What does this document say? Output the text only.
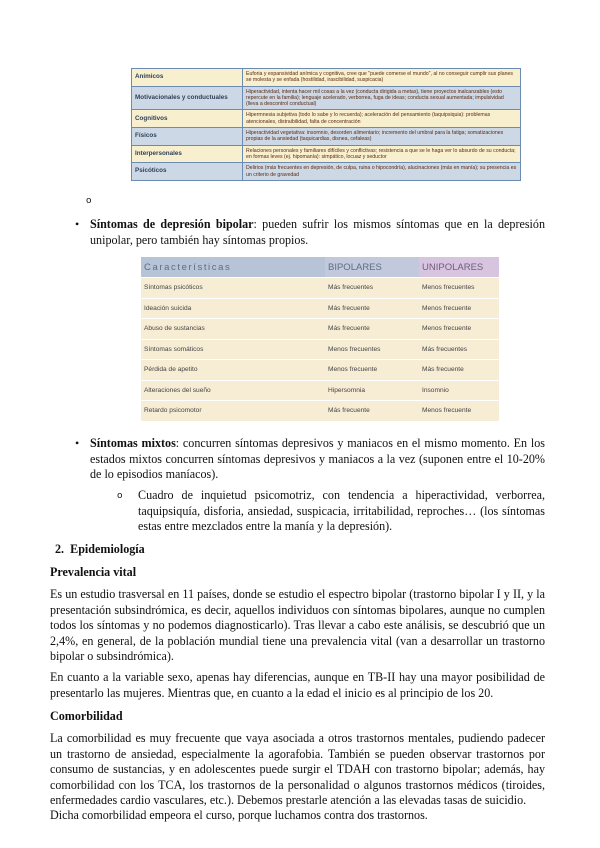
Anímicos	Euforia y expansividad anímica y cognitiva, cree que "puede comerse el mundo", al no conseguir cumplir sus planes se molesta y se enfada (hostilidad, irascibilidad, suspicacia)
Motivacionales y conductuales	Hiperactividad, intenta hacer mil cosas a la vez (conducta dirigida a metas), tiene proyectos inalcanzables (esto repercute en la familia); lenguaje acelerado, verborrea, fuga de ideas; conducta sexual aumentada; impulsividad (lleva a descontrol conductual)
Cognitivos	Hipermnesia subjetiva (todo lo sabe y lo recuerda); aceleración del pensamiento (taquipsiquia): problemas atencionales, distraibilidad, falta de concentración
Físicos	Hiperactividad vegetativa: insomnio, desorden alimentario; incremento del umbral para la fatiga; somatizaciones propias de la ansiedad (taquicardias, disnea, cefaleas)
Interpersonales	Relaciones personales y familiares difíciles y conflictivas; resistencia a que se le haga ver lo absurdo de su conducta; en formas leves (ej. hipomanía): simpático, locuaz y seductor
Psicóticos	Delirios (más frecuentes en depresión, de culpa, ruina o hipocondría), alucinaciones (más en manía); su presencia es un criterio de gravedad
o
• Síntomas de depresión bipolar: pueden sufrir los mismos síntomas que en la depresión unipolar, pero también hay síntomas propios.
Características	BIPOLARES	UNIPOLARES
Síntomas psicóticos	Más frecuentes	Menos frecuentes
Ideación suicida	Más frecuente	Menos frecuente
Abuso de sustancias	Más frecuente	Menos frecuente
Síntomas somáticos	Menos frecuentes	Más frecuentes
Pérdida de apetito	Menos frecuente	Más frecuente
Alteraciones del sueño	Hipersomnia	Insomnio
Retardo psicomotor	Más frecuente	Menos frecuente
• Síntomas mixtos: concurren síntomas depresivos y maniacos en el mismo momento. En los estados mixtos concurren síntomas depresivos y maniacos a la vez (suponen entre el 10-20% de lo episodios maníacos).
o Cuadro de inquietud psicomotriz, con tendencia a hiperactividad, verborrea, taquipsiquía, disforia, ansiedad, suspicacia, irritabilidad, reproches… (los síntomas estas entre mezclados entre la manía y la depresión).
2. Epidemiología
Prevalencia vital
Es un estudio trasversal en 11 países, donde se estudio el espectro bipolar (trastorno bipolar I y II, y la presentación subsindrómica, es decir, aquellos individuos con síntomas bipolares, aunque no cumplen todos los síntomas y no podemos diagnosticarlo). Tras llevar a cabo este análisis, se descubrió que un 2,4%, en general, de la población mundial tiene una prevalencia vital (van a desarrollar un trastorno bipolar o subsindrómica).
En cuanto a la variable sexo, apenas hay diferencias, aunque en TB-II hay una mayor posibilidad de presentarlo las mujeres. Mientras que, en cuanto a la edad el inicio es al principio de los 20.
Comorbilidad
La comorbilidad es muy frecuente que vaya asociada a otros trastornos mentales, pudiendo padecer un trastorno de ansiedad, especialmente la agorafobia. También se pueden observar trastornos por consumo de sustancias, y en adolescentes puede surgir el TDAH con trastorno bipolar; además, hay comorbilidad con los TCA, los trastornos de la personalidad o algunos trastornos médicos (tiroides, enfermedades cardio vasculares, etc.). Debemos prestarle atención a las elevadas tasas de suicidio.
Dicha comorbilidad empeora el curso, porque luchamos contra dos trastornos.
